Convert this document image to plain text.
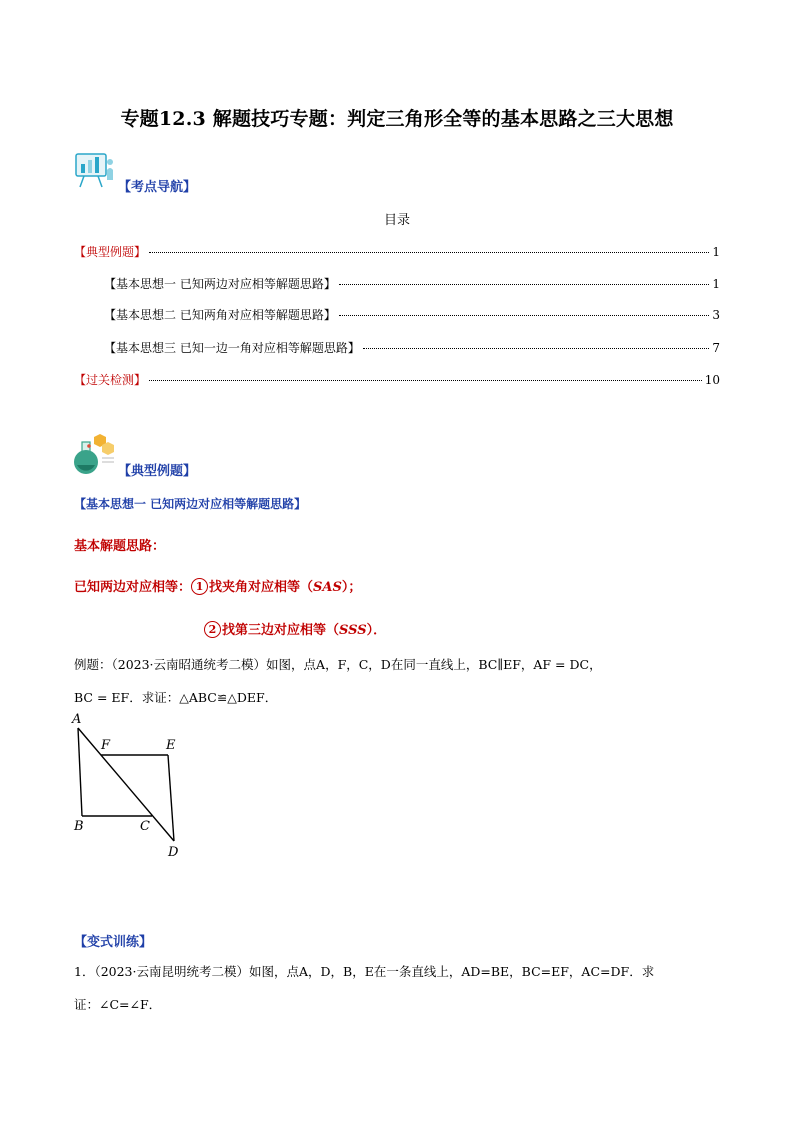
专题12.3 解题技巧专题：判定三角形全等的基本思路之三大思想
【考点导航】
目录
【典型例题】	1
【基本思想一 已知两边对应相等解题思路】	1
【基本思想二 已知两角对应相等解题思路】	3
【基本思想三 已知一边一角对应相等解题思路】	7
【过关检测】	10
【典型例题】
【基本思想一 已知两边对应相等解题思路】
基本解题思路：
已知两边对应相等： 1 找夹角对应相等（SAS）；
2 找第三边对应相等（SSS）．
例题：（2023·云南昭通统考二模）如图，点A，F，C，D在同一直线上，BC∥EF，AF = DC，
BC = EF．求证：△ABC≌△DEF．
A
F	E
B	C
D
【变式训练】
1．（2023·云南昆明统考二模）如图，点A，D，B，E在一条直线上，AD=BE，BC=EF，AC=DF．求
证：∠C=∠F．
